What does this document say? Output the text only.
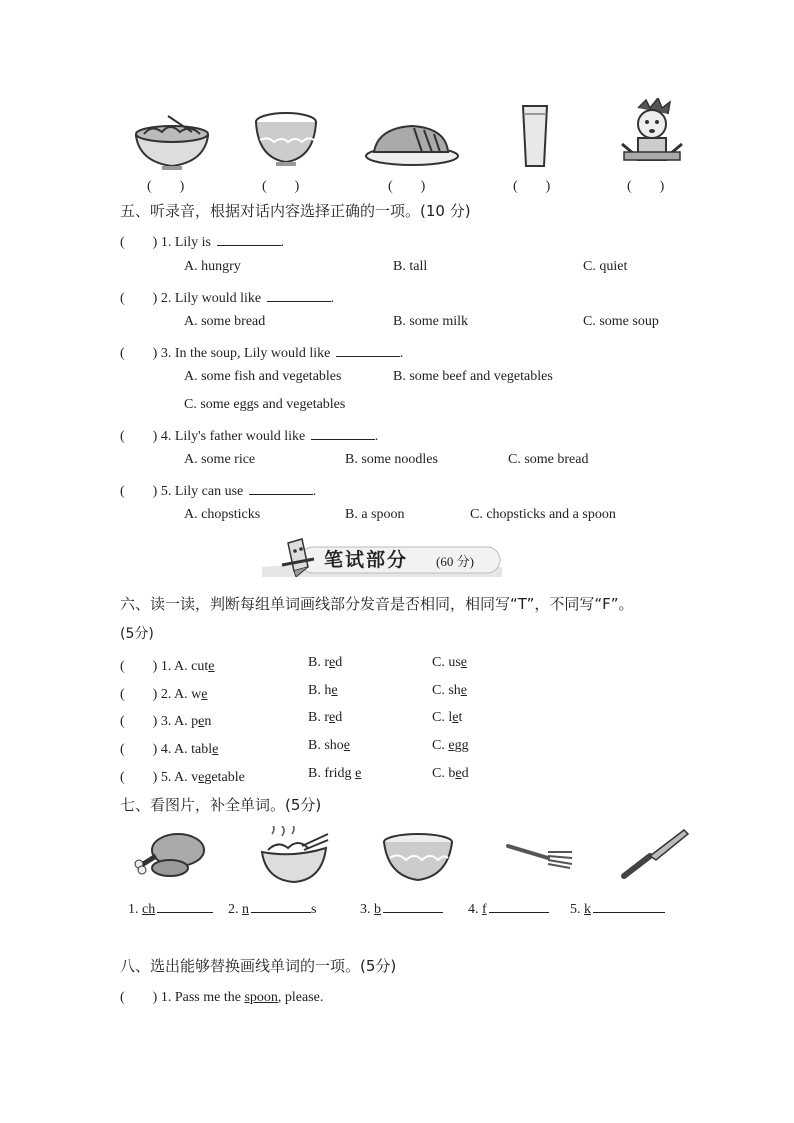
(　　)	(　　)	(　　)	(　　)	(　　)
五、听录音，根据对话内容选择正确的一项。(10 分)
(　　) 1. Lily is	.
A. hungry	B. tall	C. quiet
(　　) 2. Lily would like	.
A. some bread	B. some milk	C. some soup
(　　) 3. In the soup, Lily would like	.
A. some fish and vegetables	B. some beef and vegetables
C. some eggs and vegetables
(　　) 4. Lily's father would like	.
A. some rice	B. some noodles	C. some bread
(　　) 5. Lily can use	.
A. chopsticks	B. a spoon	C. chopsticks and a spoon
笔试部分 (60 分)
六、读一读，判断每组单词画线部分发音是否相同，相同写“T”，不同写“F”。
(5分)
(　　) 1. A. cute	B. red	C. use
(　　) 2. A. we	B. he	C. she
(　　) 3. A. pen	B. red	C. let
(　　) 4. A. table	B. shoe	C. egg
(　　) 5. A. vegetable	B. fridg e	C. bed
七、看图片，补全单词。(5分)
1. ch	2. n	s	3. b	4. f	5. k
八、选出能够替换画线单词的一项。(5分)
(　　) 1. Pass me the spoon, please.
